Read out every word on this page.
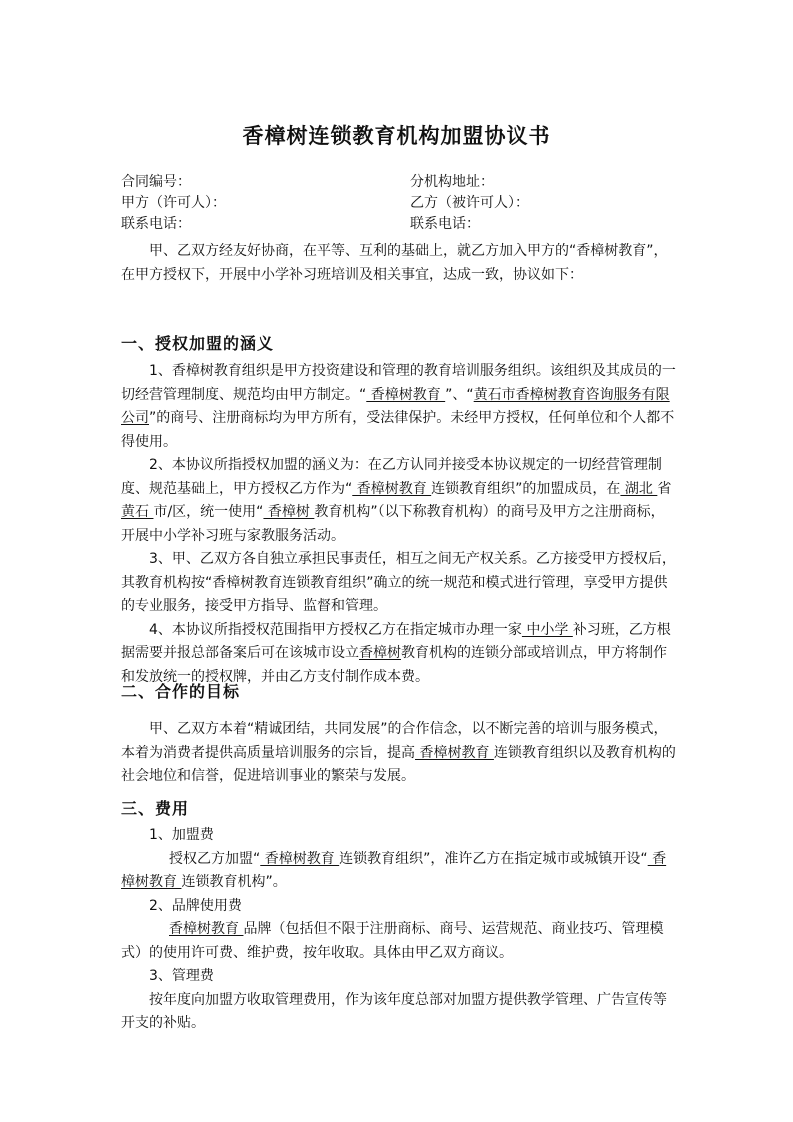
香樟树连锁教育机构加盟协议书
合同编号：	分机构地址：
甲方（许可人）：	乙方（被许可人）：
联系电话：	联系电话：
甲、乙双方经友好协商，在平等、互利的基础上，就乙方加入甲方的“香樟树教育”，在甲方授权下，开展中小学补习班培训及相关事宜，达成一致，协议如下：
一、授权加盟的涵义
1、香樟树教育组织是甲方投资建设和管理的教育培训服务组织。该组织及其成员的一切经营管理制度、规范均由甲方制定。“ 香樟树教育 ”、“黄石市香樟树教育咨询服务有限公司”的商号、注册商标均为甲方所有，受法律保护。未经甲方授权，任何单位和个人都不得使用。
2、本协议所指授权加盟的涵义为：在乙方认同并接受本协议规定的一切经营管理制度、规范基础上，甲方授权乙方作为“ 香樟树教育 连锁教育组织”的加盟成员，在 湖北 省 黄石 市/区，统一使用“ 香樟树 教育机构”（以下称教育机构）的商号及甲方之注册商标，开展中小学补习班与家教服务活动。
3、甲、乙双方各自独立承担民事责任，相互之间无产权关系。乙方接受甲方授权后，其教育机构按“香樟树教育连锁教育组织”确立的统一规范和模式进行管理，享受甲方提供的专业服务，接受甲方指导、监督和管理。
4、本协议所指授权范围指甲方授权乙方在指定城市办理一家 中小学 补习班，乙方根据需要并报总部备案后可在该城市设立香樟树教育机构的连锁分部或培训点，甲方将制作和发放统一的授权牌，并由乙方支付制作成本费。
二、合作的目标
甲、乙双方本着“精诚团结，共同发展”的合作信念，以不断完善的培训与服务模式，本着为消费者提供高质量培训服务的宗旨，提高 香樟树教育 连锁教育组织以及教育机构的社会地位和信誉，促进培训事业的繁荣与发展。
三、费用
1、加盟费
授权乙方加盟“ 香樟树教育 连锁教育组织”，准许乙方在指定城市或城镇开设“ 香樟树教育 连锁教育机构”。
2、品牌使用费
香樟树教育 品牌（包括但不限于注册商标、商号、运营规范、商业技巧、管理模式）的使用许可费、维护费，按年收取。具体由甲乙双方商议。
3、管理费
按年度向加盟方收取管理费用，作为该年度总部对加盟方提供教学管理、广告宣传等开支的补贴。
